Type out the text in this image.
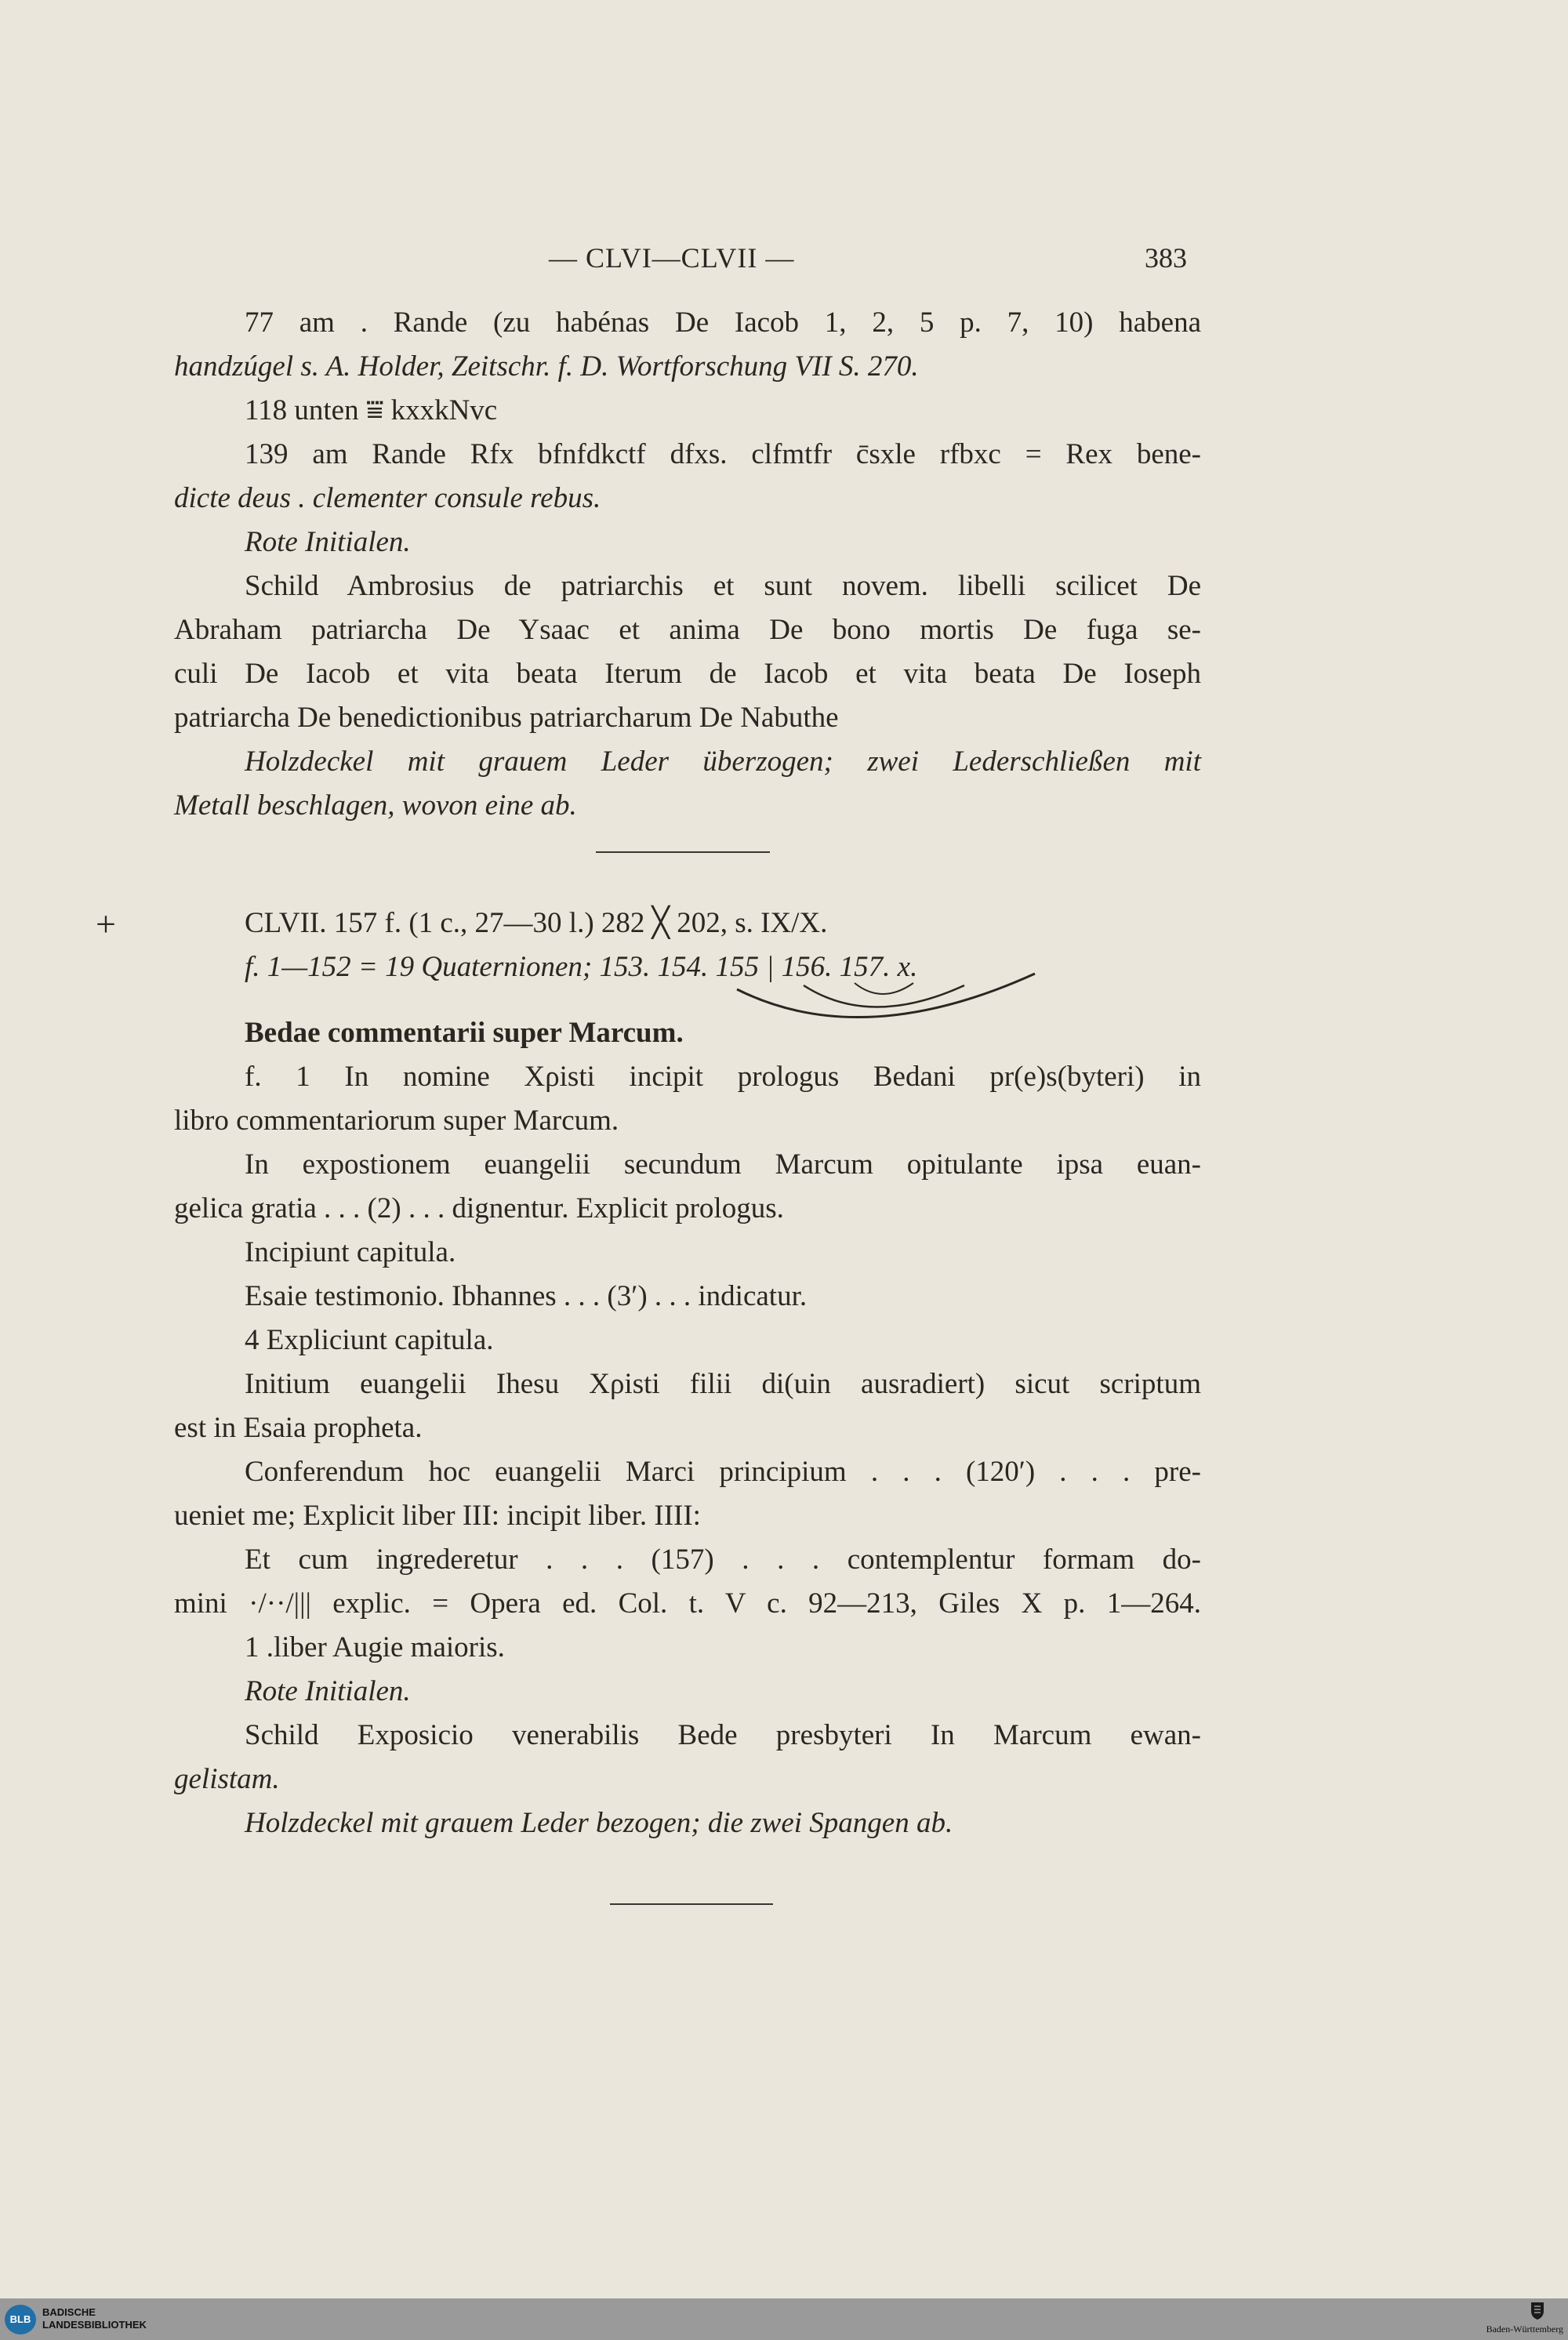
— CLVI—CLVII —	383
77 am . Rande (zu habénas De Iacob 1, 2, 5 p. 7, 10) habena
handzúgel s. A. Holder, Zeitschr. f. D. Wortforschung VII S. 270.
118 unten ⩸ kxxkNvc
139 am Rande Rfx bfnfdkctf dfxs. clfmtfr c̄sxle rfbxc = Rex bene-
dicte deus . clementer consule rebus.
Rote Initialen.
Schild Ambrosius de patriarchis et sunt novem. libelli scilicet De
Abraham patriarcha De Ysaac et anima De bono mortis De fuga se-
culi De Iacob et vita beata Iterum de Iacob et vita beata De Ioseph
patriarcha De benedictionibus patriarcharum De Nabuthe
Holzdeckel mit grauem Leder überzogen; zwei Lederschließen mit
Metall beschlagen, wovon eine ab.
+	CLVII. 157 f. (1 c., 27—30 l.) 282 ╳ 202, s. IX/X.
f. 1—152 = 19 Quaternionen; 153. 154. 155 | 156. 157. x.
Bedae commentarii super Marcum.
f. 1 In nomine Xρisti incipit prologus Bedani pr(e)s(byteri) in
libro commentariorum super Marcum.
In expostionem euangelii secundum Marcum opitulante ipsa euan-
gelica gratia . . . (2) . . . dignentur. Explicit prologus.
Incipiunt capitula.
Esaie testimonio. Ibhannes . . . (3′) . . . indicatur.
4 Expliciunt capitula.
Initium euangelii Ihesu Xρisti filii di(uin ausradiert) sicut scriptum
est in Esaia propheta.
Conferendum hoc euangelii Marci principium . . . (120′) . . . pre-
ueniet me; Explicit liber III: incipit liber. IIII:
Et cum ingrederetur . . . (157) . . . contemplentur formam do-
mini ·/··/||| explic. = Opera ed. Col. t. V c. 92—213, Giles X p. 1—264.
1 .liber Augie maioris.
Rote Initialen.
Schild Exposicio venerabilis Bede presbyteri In Marcum ewan-
gelistam.
Holzdeckel mit grauem Leder bezogen; die zwei Spangen ab.
BLB
BADISCHE
LANDESBIBLIOTHEK	Baden-Württemberg
